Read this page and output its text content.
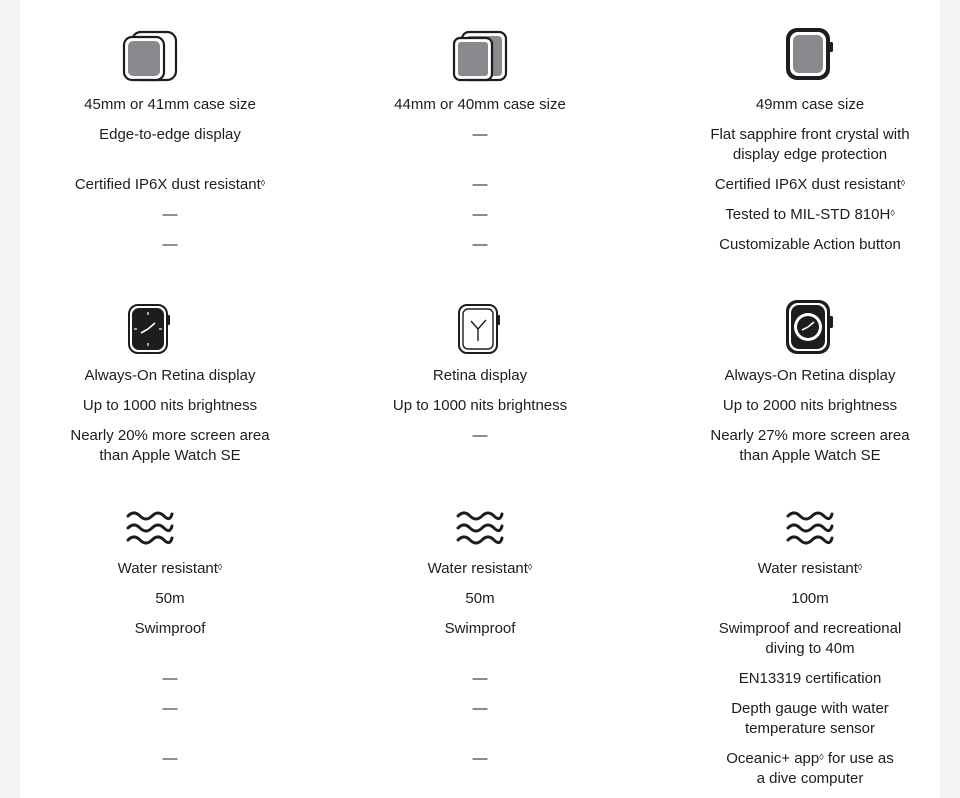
45mm or 41mm case size
Edge-to-edge display
Certified IP6X dust resistant◊
—
—
44mm or 40mm case size
—
—
—
—
49mm case size
Flat sapphire front crystal with display edge protection
Certified IP6X dust resistant◊
Tested to MIL-STD 810H◊
Customizable Action button
Always-On Retina display
Up to 1000 nits brightness
Nearly 20% more screen area than Apple Watch SE
Retina display
Up to 1000 nits brightness
—
Always-On Retina display
Up to 2000 nits brightness
Nearly 27% more screen area than Apple Watch SE
Water resistant◊
50m
Swimproof
—
—
—
Water resistant◊
50m
Swimproof
—
—
—
Water resistant◊
100m
Swimproof and recreational diving to 40m
EN13319 certification
Depth gauge with water temperature sensor
Oceanic+ app◊ for use as a dive computer
